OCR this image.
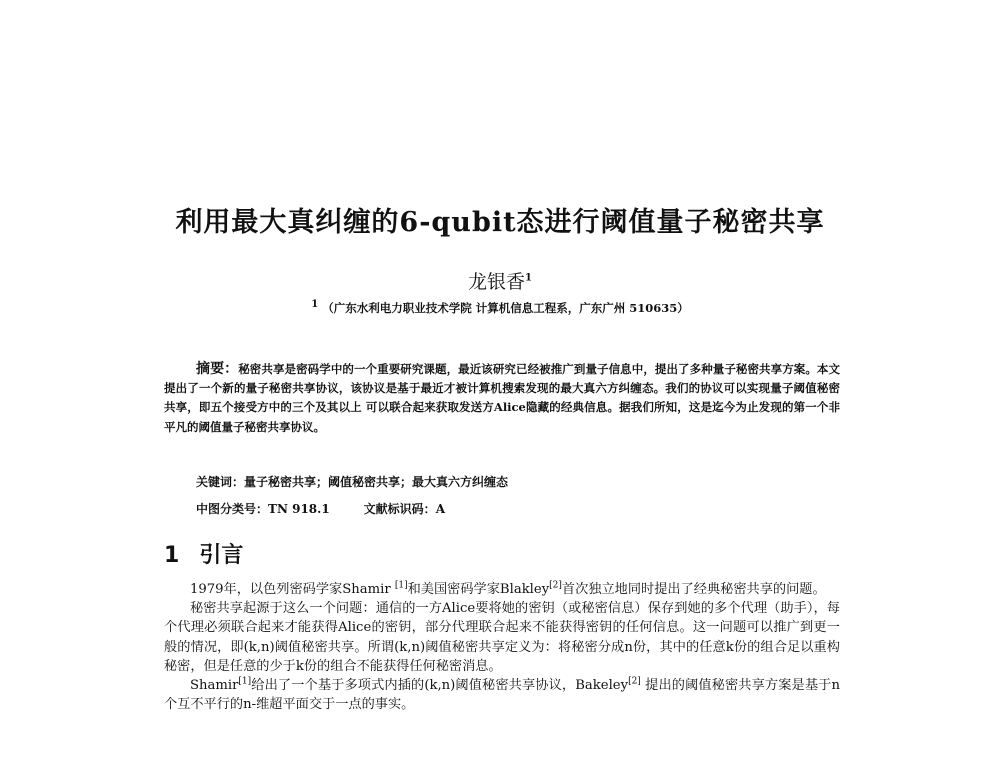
利用最大真纠缠的6-qubit态进行阈值量子秘密共享
龙银香$^1$
$^1$ （广东水利电力职业技术学院 计算机信息工程系，广东广州 510635）
摘要：秘密共享是密码学中的一个重要研究课题，最近该研究已经被推广到量子信息中，提出了多种量子秘密共享方案。本文提出了一个新的量子秘密共享协议，该协议是基于最近才被计算机搜索发现的最大真六方纠缠态。我们的协议可以实现量子阈值秘密共享，即五个接受方中的三个及其以上 可以联合起来获取发送方Alice隐藏的经典信息。据我们所知，这是迄今为止发现的第一个非平凡的阈值量子秘密共享协议。
关键词：量子秘密共享；阈值秘密共享；最大真六方纠缠态
中图分类号：TN 918.1	文献标识码：A
1 引言

1979年，以色列密码学家Shamir [1]和美国密码学家Blakley[2]首次独立地同时提出了经典秘密共享的问题。

秘密共享起源于这么一个问题：通信的一方Alice要将她的密钥（或秘密信息）保存到她的多个代理（助手），每个代理必须联合起来才能获得Alice的密钥，部分代理联合起来不能获得密钥的任何信息。这一问题可以推广到更一般的情况，即(k,n)阈值秘密共享。所谓(k,n)阈值秘密共享定义为：将秘密分成n份，其中的任意k份的组合足以重构秘密，但是任意的少于k份的组合不能获得任何秘密消息。

Shamir[1]给出了一个基于多项式内插的(k,n)阈值秘密共享协议，Bakeley[2] 提出的阈值秘密共享方案是基于n个互不平行的n-维超平面交于一点的事实。
